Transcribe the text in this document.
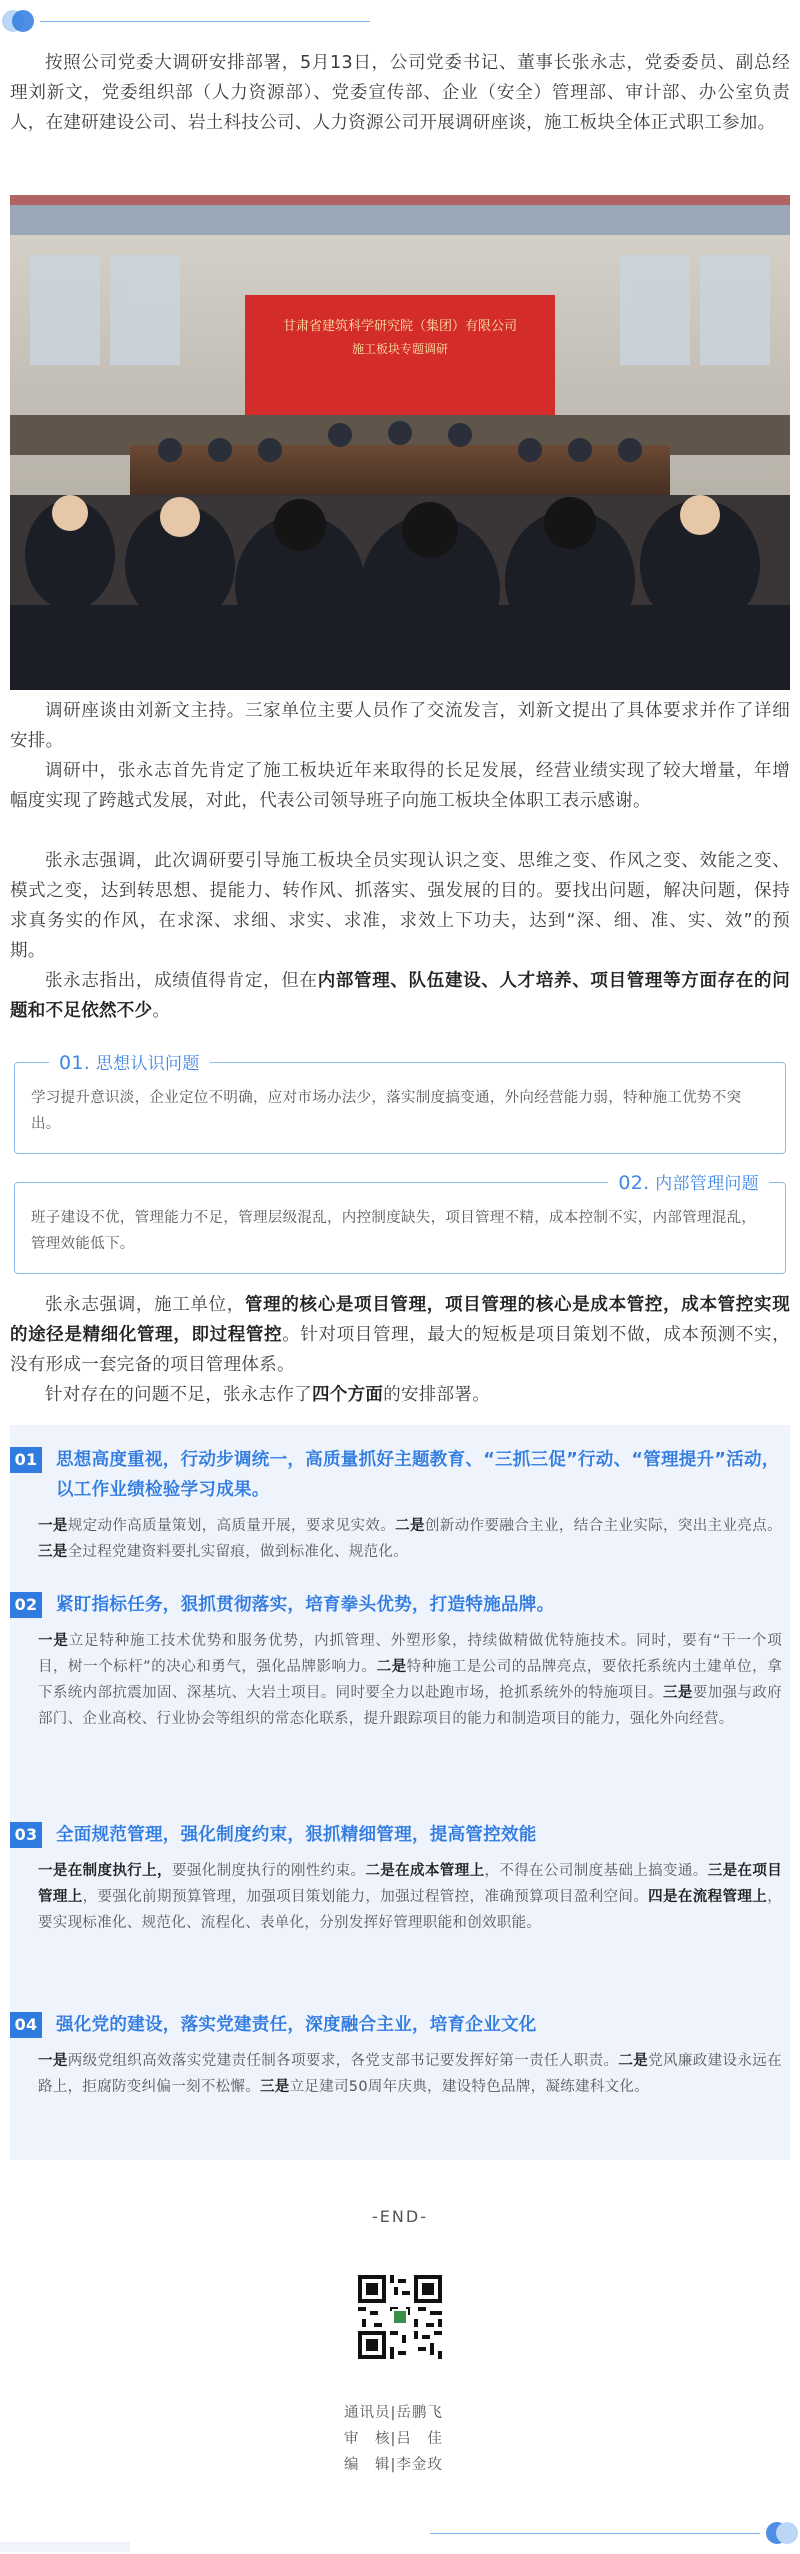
按照公司党委大调研安排部署，5月13日，公司党委书记、董事长张永志，党委委员、副总经理刘新文，党委组织部（人力资源部）、党委宣传部、企业（安全）管理部、审计部、办公室负责人，在建研建设公司、岩土科技公司、人力资源公司开展调研座谈，施工板块全体正式职工参加。

甘肃省建筑科学研究院（集团）有限公司
施工板块专题调研

调研座谈由刘新文主持。三家单位主要人员作了交流发言，刘新文提出了具体要求并作了详细安排。

调研中，张永志首先肯定了施工板块近年来取得的长足发展，经营业绩实现了较大增量，年增幅度实现了跨越式发展，对此，代表公司领导班子向施工板块全体职工表示感谢。

张永志强调，此次调研要引导施工板块全员实现认识之变、思维之变、作风之变、效能之变、模式之变，达到转思想、提能力、转作风、抓落实、强发展的目的。要找出问题，解决问题，保持求真务实的作风，在求深、求细、求实、求准，求效上下功夫，达到“深、细、准、实、效”的预期。

张永志指出，成绩值得肯定，但在内部管理、队伍建设、人才培养、项目管理等方面存在的问题和不足依然不少。

01. 思想认识问题
学习提升意识淡，企业定位不明确，应对市场办法少，落实制度搞变通，外向经营能力弱，特种施工优势不突出。
02. 内部管理问题
班子建设不优，管理能力不足，管理层级混乱，内控制度缺失，项目管理不精，成本控制不实，内部管理混乱，管理效能低下。

张永志强调，施工单位，管理的核心是项目管理，项目管理的核心是成本管控，成本管控实现的途径是精细化管理，即过程管控。针对项目管理，最大的短板是项目策划不做，成本预测不实，没有形成一套完备的项目管理体系。

针对存在的问题不足，张永志作了四个方面的安排部署。

01 思想高度重视，行动步调统一，高质量抓好主题教育、“三抓三促”行动、“管理提升”活动，以工作业绩检验学习成果。
一是规定动作高质量策划，高质量开展，要求见实效。二是创新动作要融合主业，结合主业实际，突出主业亮点。三是全过程党建资料要扎实留痕，做到标准化、规范化。
02 紧盯指标任务，狠抓贯彻落实，培育拳头优势，打造特施品牌。
一是立足特种施工技术优势和服务优势，内抓管理、外塑形象，持续做精做优特施技术。同时，要有“干一个项目，树一个标杆”的决心和勇气，强化品牌影响力。二是特种施工是公司的品牌亮点，要依托系统内土建单位，拿下系统内部抗震加固、深基坑、大岩土项目。同时要全力以赴跑市场，抢抓系统外的特施项目。三是要加强与政府部门、企业高校、行业协会等组织的常态化联系，提升跟踪项目的能力和制造项目的能力，强化外向经营。
03 全面规范管理，强化制度约束，狠抓精细管理，提高管控效能
一是在制度执行上，要强化制度执行的刚性约束。二是在成本管理上，不得在公司制度基础上搞变通。三是在项目管理上，要强化前期预算管理，加强项目策划能力，加强过程管控，准确预算项目盈利空间。四是在流程管理上，要实现标准化、规范化、流程化、表单化，分别发挥好管理职能和创效职能。
04 强化党的建设，落实党建责任，深度融合主业，培育企业文化
一是两级党组织高效落实党建责任制各项要求，各党支部书记要发挥好第一责任人职责。二是党风廉政建设永远在路上，拒腐防变纠偏一刻不松懈。三是立足建司50周年庆典，建设特色品牌，凝练建科文化。
-END-
通讯员|岳鹏飞
审　核|吕　佳
编　辑|李金玫
